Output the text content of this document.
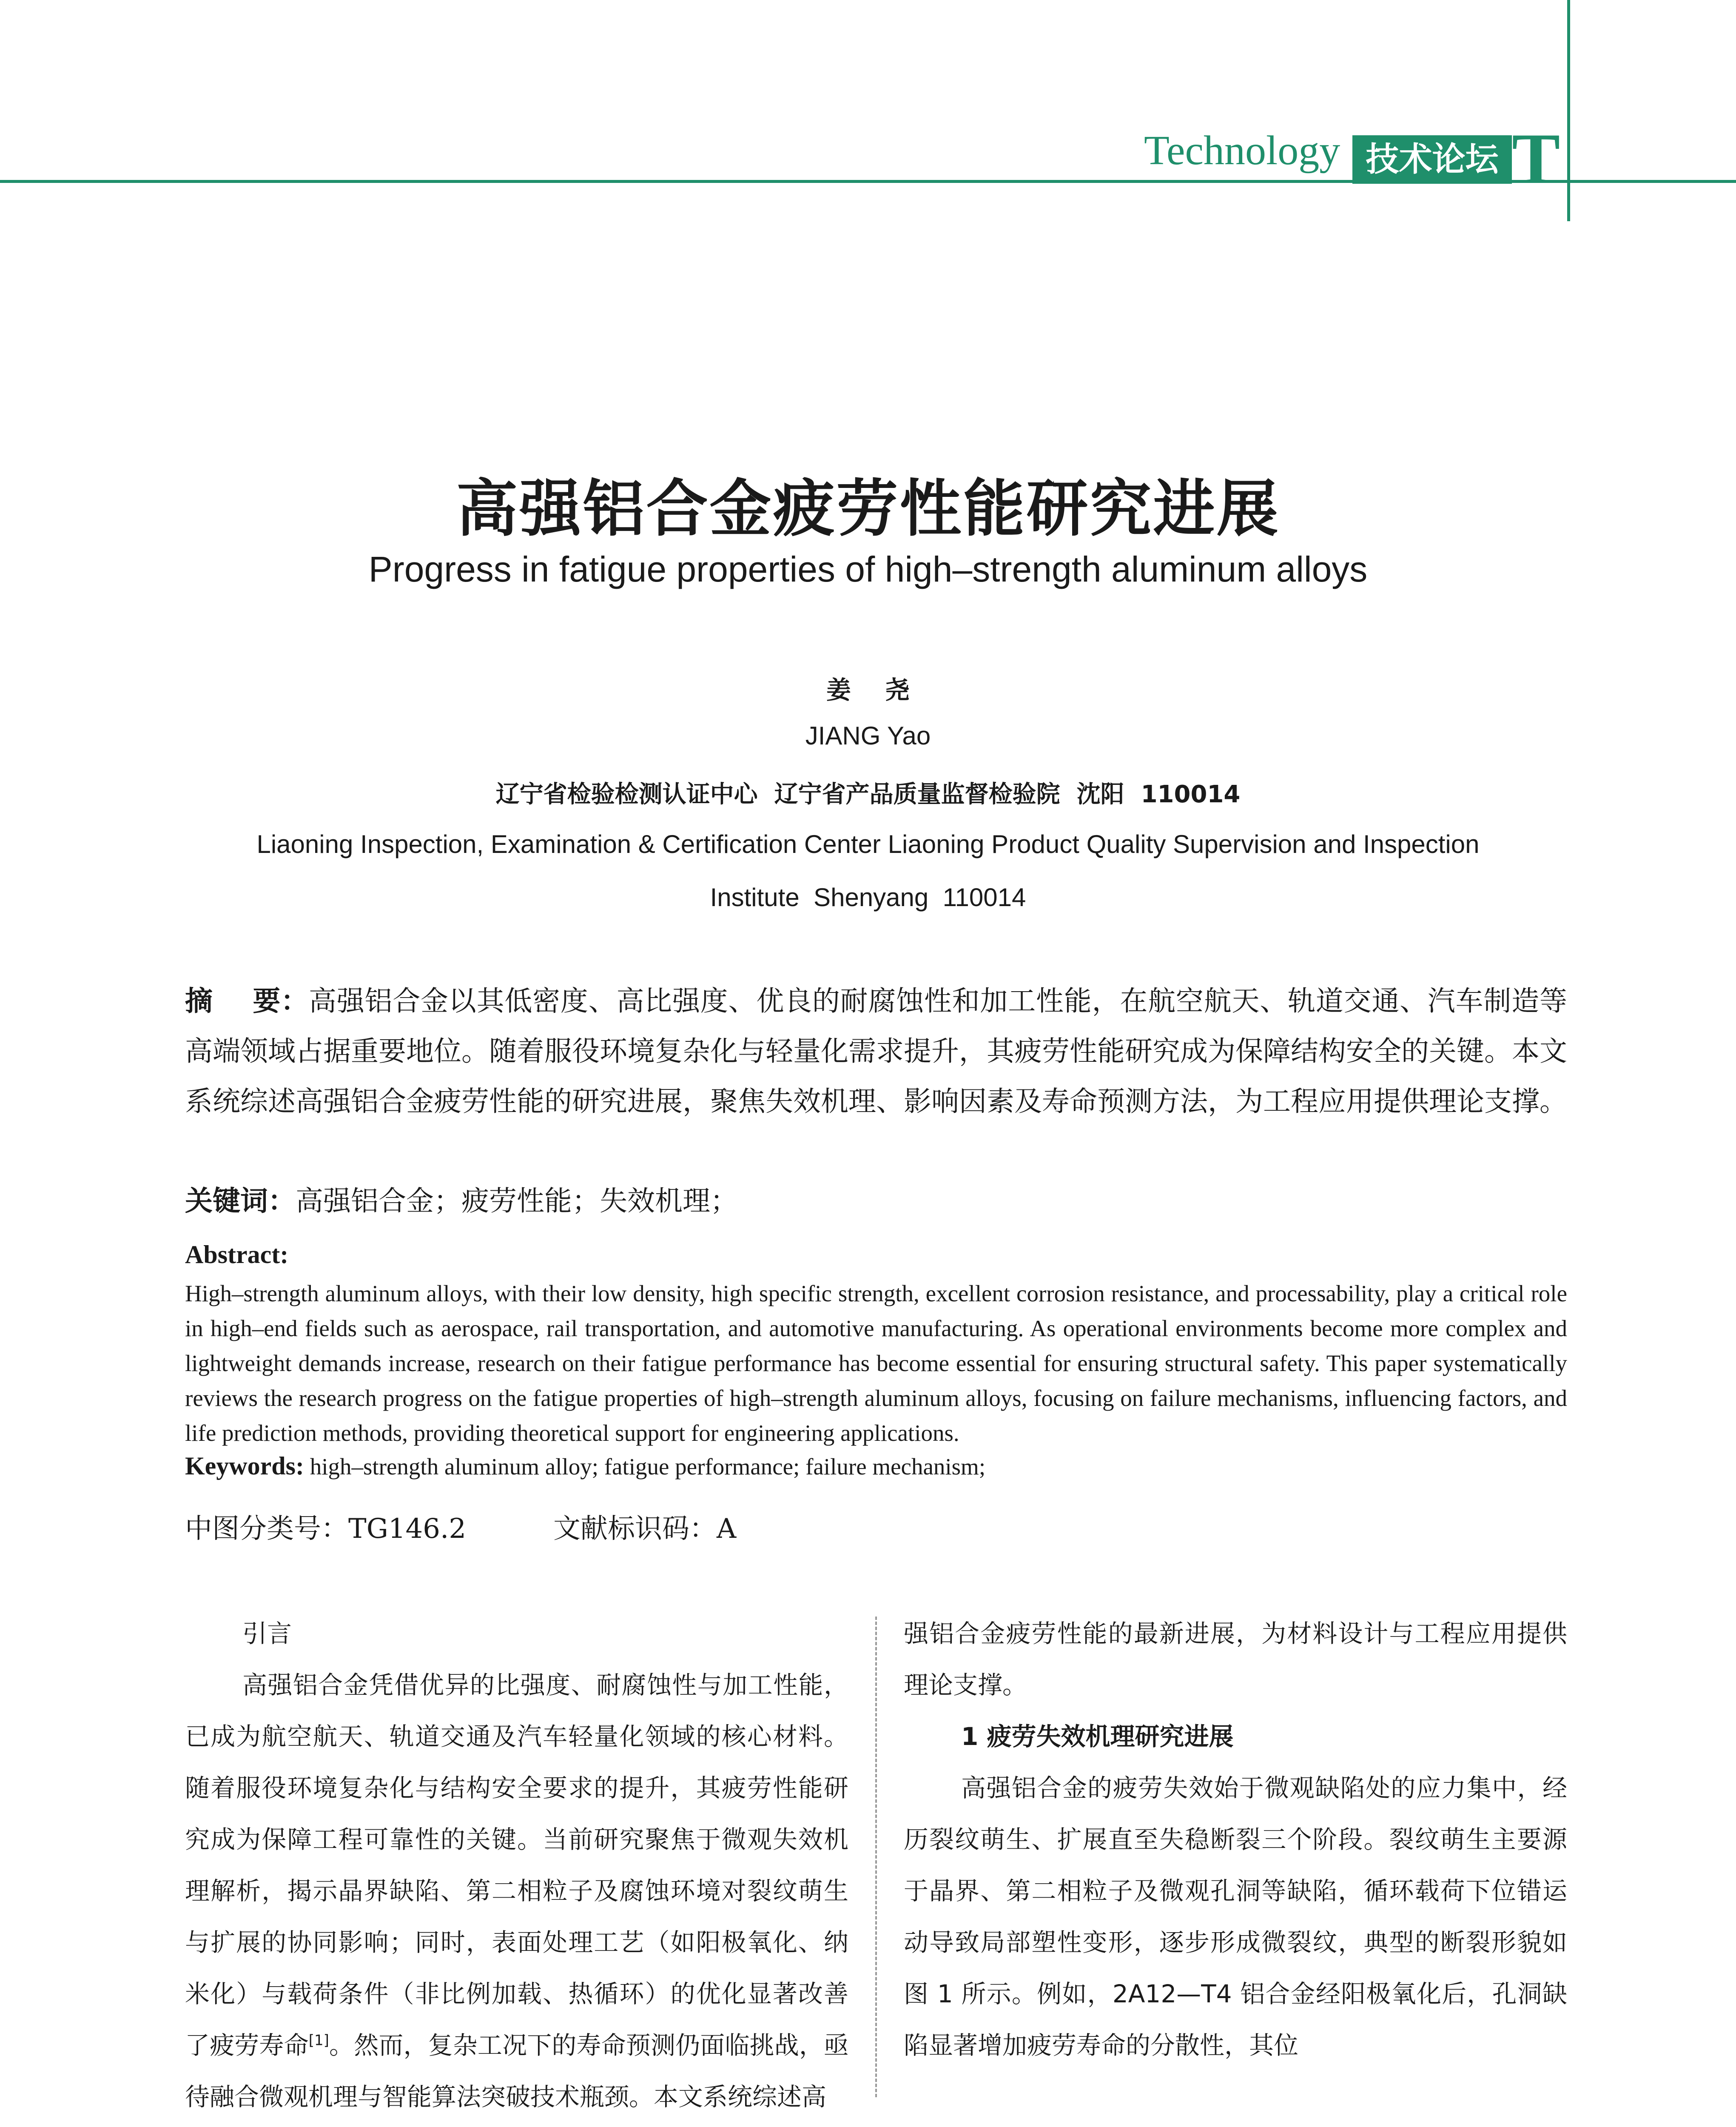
Technology 技术论坛 T
高强铝合金疲劳性能研究进展
Progress in fatigue properties of high–strength aluminum alloys
姜 尧
JIANG Yao
辽宁省检验检测认证中心  辽宁省产品质量监督检验院  沈阳  110014
Liaoning Inspection, Examination & Certification Center Liaoning Product Quality Supervision and Inspection
Institute  Shenyang  110014
摘    要：高强铝合金以其低密度、高比强度、优良的耐腐蚀性和加工性能，在航空航天、轨道交通、汽车制造等高端领域占据重要地位。随着服役环境复杂化与轻量化需求提升，其疲劳性能研究成为保障结构安全的关键。本文系统综述高强铝合金疲劳性能的研究进展，聚焦失效机理、影响因素及寿命预测方法，为工程应用提供理论支撑。
关键词：高强铝合金；疲劳性能；失效机理；
Abstract:
High–strength aluminum alloys, with their low density, high specific strength, excellent corrosion resistance, and processability, play a critical role in high–end fields such as aerospace, rail transportation, and automotive manufacturing. As operational environments become more complex and lightweight demands increase, research on their fatigue performance has become essential for ensuring structural safety. This paper systematically reviews the research progress on the fatigue properties of high–strength aluminum alloys, focusing on failure mechanisms, influencing factors, and life prediction methods, providing theoretical support for engineering applications.
Keywords: high–strength aluminum alloy; fatigue performance; failure mechanism;
中图分类号：TG146.2	文献标识码：A

引言

高强铝合金凭借优异的比强度、耐腐蚀性与加工性能，已成为航空航天、轨道交通及汽车轻量化领域的核心材料。随着服役环境复杂化与结构安全要求的提升，其疲劳性能研究成为保障工程可靠性的关键。当前研究聚焦于微观失效机理解析，揭示晶界缺陷、第二相粒子及腐蚀环境对裂纹萌生与扩展的协同影响；同时，表面处理工艺（如阳极氧化、纳米化）与载荷条件（非比例加载、热循环）的优化显著改善了疲劳寿命[1]。然而，复杂工况下的寿命预测仍面临挑战，亟待融合微观机理与智能算法突破技术瓶颈。本文系统综述高

强铝合金疲劳性能的最新进展，为材料设计与工程应用提供理论支撑。

1 疲劳失效机理研究进展

高强铝合金的疲劳失效始于微观缺陷处的应力集中，经历裂纹萌生、扩展直至失稳断裂三个阶段。裂纹萌生主要源于晶界、第二相粒子及微观孔洞等缺陷，循环载荷下位错运动导致局部塑性变形，逐步形成微裂纹，典型的断裂形貌如图 1 所示。例如，2A12—T4 铝合金经阳极氧化后，孔洞缺陷显著增加疲劳寿命的分散性，其位
